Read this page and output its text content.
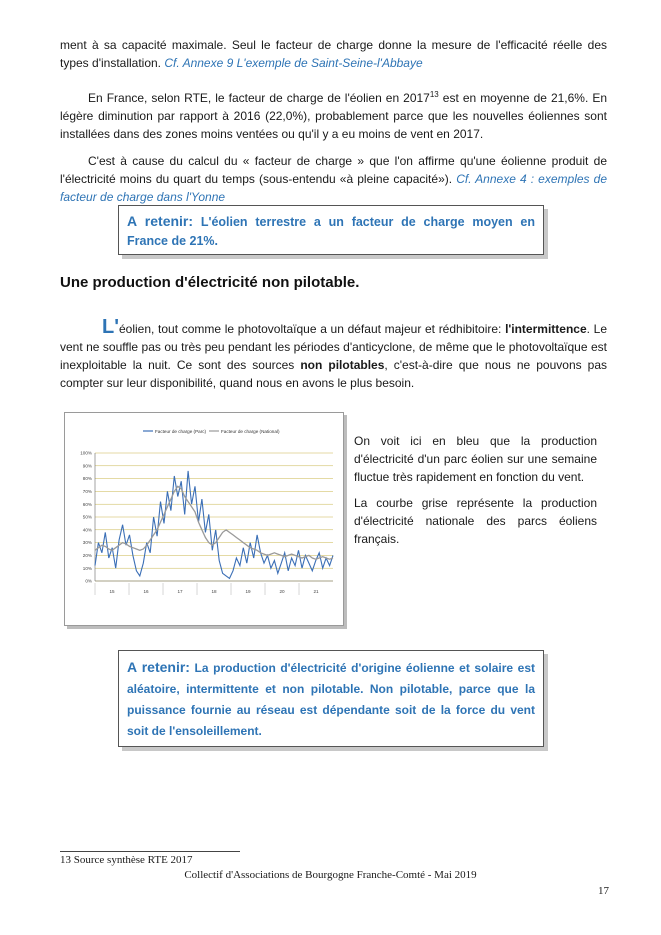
ment à sa capacité maximale. Seul le facteur de charge donne la mesure de l'efficacité réelle des types d'installation. Cf. Annexe 9 L'exemple de Saint-Seine-l'Abbaye

En France, selon RTE, le facteur de charge de l'éolien en 2017$^{13}$ est en moyenne de 21,6%. En légère diminution par rapport à 2016 (22,0%), probablement parce que les nouvelles éoliennes sont installées dans des zones moins ventées ou qu'il y a eu moins de vent en 2017.

C'est à cause du calcul du « facteur de charge » que l'on affirme qu'une éolienne produit de l'électricité moins du quart du temps (sous-entendu «à pleine capacité»). Cf. Annexe 4 : exemples de facteur de charge dans l'Yonne

A retenir: L'éolien terrestre a un facteur de charge moyen en France de 21%.
Une production d'électricité non pilotable.

L'éolien, tout comme le photovoltaïque a un défaut majeur et rédhibitoire: l'intermittence. Le vent ne souffle pas ou très peu pendant les périodes d'anticyclone, de même que le photovoltaïque est inexploitable la nuit. Ce sont des sources non pilotables, c'est-à-dire que nous ne pouvons pas compter sur leur disponibilité, quand nous en avons le plus besoin.

Facteur de charge (Parc)	Facteur de charge (National)
0%
10%
20%
30%
40%
50%
60%
70%
80%
90%
100%
15	16	17	18	19	20	21

On voit ici en bleu que la production d'électricité d'un parc éolien sur une semaine fluctue très rapidement en fonction du vent.

La courbe grise représente la production d'électricité nationale des parcs éoliens français.

A retenir: La production d'électricité d'origine éolienne et solaire est aléatoire, intermittente et non pilotable. Non pilotable, parce que la puissance fournie au réseau est dépendante soit de la force du vent soit de l'ensoleillement.
13 Source synthèse RTE 2017
Collectif d'Associations de Bourgogne Franche-Comté - Mai 2019
17
